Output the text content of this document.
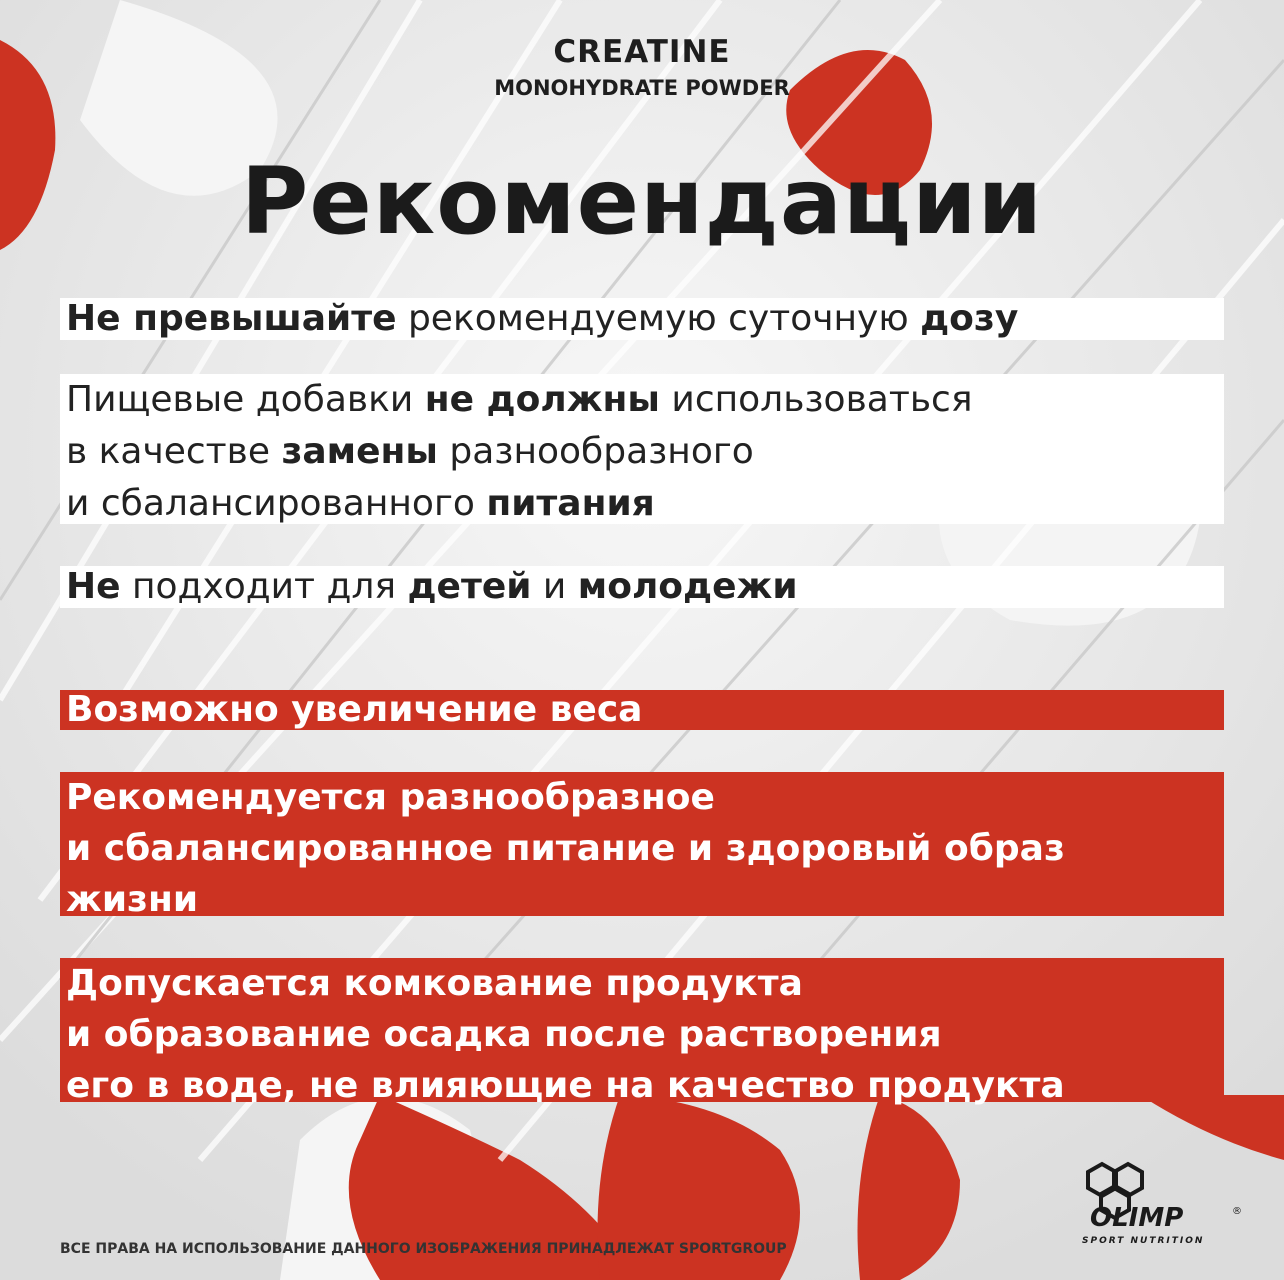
CREATINE
MONOHYDRATE POWDER
Рекомендации
Не превышайте рекомендуемую суточную дозу
Пищевые добавки не должны использоваться
в качестве замены разнообразного
и сбалансированного питания
Не подходит для детей и молодежи
Возможно увеличение веса
Рекомендуется разнообразное
и сбалансированное питание и здоровый образ
жизни
Допускается комкование продукта
и образование осадка после растворения
его в воде, не влияющие на качество продукта
ВСЕ ПРАВА НА ИСПОЛЬЗОВАНИЕ ДАННОГО ИЗОБРАЖЕНИЯ ПРИНАДЛЕЖАТ SPORTGROUP
OLIMP	®
SPORT NUTRITION
